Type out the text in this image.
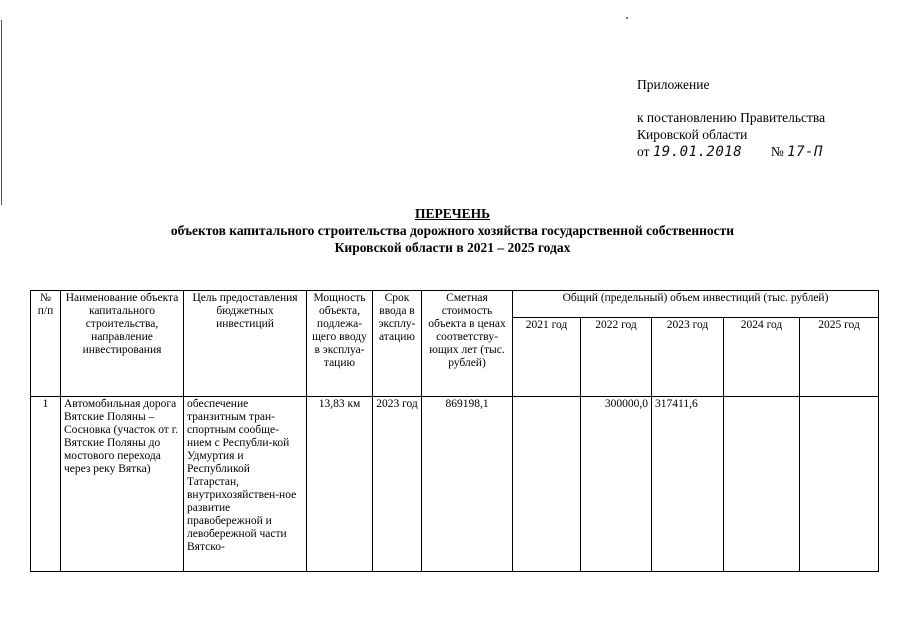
Приложение
к постановлению Правительства
Кировской области
от 19.01.2018 № 17-П
ПЕРЕЧЕНЬ
объектов капитального строительства дорожного хозяйства государственной собственности
Кировской области в 2021 – 2025 годах
№ п/п	Наименование объекта капитального строительства, направление инвестирования	Цель предоставления бюджетных инвестиций	Мощность объекта, подлежа-щего вводу в эксплуа-тацию	Срок ввода в эксплу-атацию	Сметная стоимость объекта в ценах соответству-ющих лет (тыс. рублей)	Общий (предельный) объем инвестиций (тыс. рублей)				
						2021 год	2022 год	2023 год	2024 год	2025 год
1	Автомобильная дорога Вятские Поляны – Сосновка (участок от г. Вятские Поляны до мостового перехода через реку Вятка)	обеспечение транзитным тран-спортным сообще-нием с Республи-кой Удмуртия и Республикой Татарстан, внутрихозяйствен-ное развитие правобережной и левобережной части Вятско-	13,83 км	2023 год	869198,1		300000,0	317411,6		
